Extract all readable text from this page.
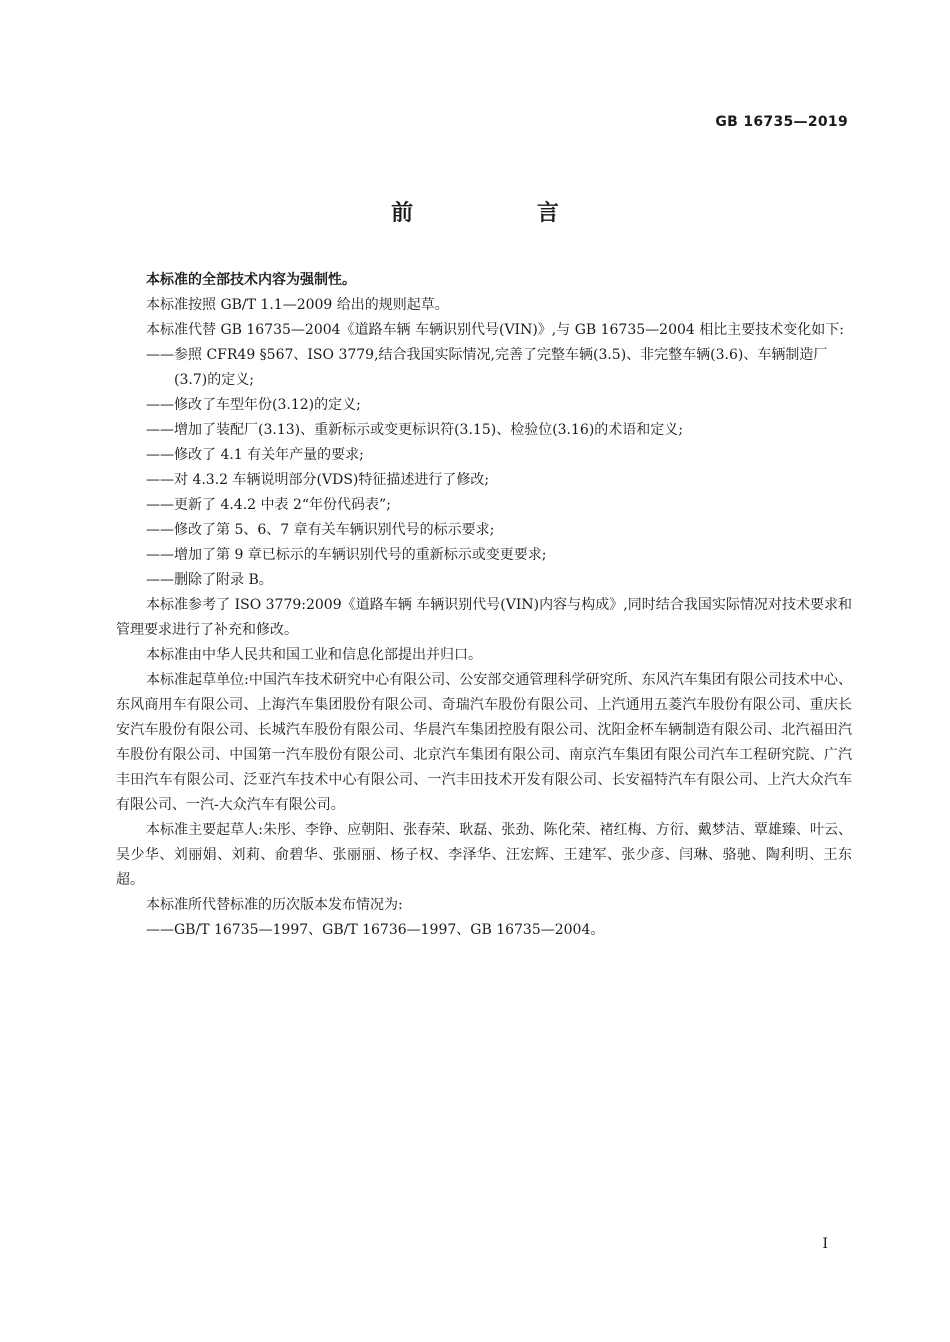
GB 16735—2019
前 言

本标准的全部技术内容为强制性。

本标准按照 GB/T 1.1—2009 给出的规则起草。

本标准代替 GB 16735—2004《道路车辆 车辆识别代号(VIN)》,与 GB 16735—2004 相比主要技术变化如下:

——参照 CFR49 §567、ISO 3779,结合我国实际情况,完善了完整车辆(3.5)、非完整车辆(3.6)、车辆制造厂(3.7)的定义;

——修改了车型年份(3.12)的定义;

——增加了装配厂(3.13)、重新标示或变更标识符(3.15)、检验位(3.16)的术语和定义;

——修改了 4.1 有关年产量的要求;

——对 4.3.2 车辆说明部分(VDS)特征描述进行了修改;

——更新了 4.4.2 中表 2“年份代码表”;

——修改了第 5、6、7 章有关车辆识别代号的标示要求;

——增加了第 9 章已标示的车辆识别代号的重新标示或变更要求;

——删除了附录 B。

本标准参考了 ISO 3779:2009《道路车辆 车辆识别代号(VIN)内容与构成》,同时结合我国实际情况对技术要求和管理要求进行了补充和修改。

本标准由中华人民共和国工业和信息化部提出并归口。

本标准起草单位:中国汽车技术研究中心有限公司、公安部交通管理科学研究所、东风汽车集团有限公司技术中心、东风商用车有限公司、上海汽车集团股份有限公司、奇瑞汽车股份有限公司、上汽通用五菱汽车股份有限公司、重庆长安汽车股份有限公司、长城汽车股份有限公司、华晨汽车集团控股有限公司、沈阳金杯车辆制造有限公司、北汽福田汽车股份有限公司、中国第一汽车股份有限公司、北京汽车集团有限公司、南京汽车集团有限公司汽车工程研究院、广汽丰田汽车有限公司、泛亚汽车技术中心有限公司、一汽丰田技术开发有限公司、长安福特汽车有限公司、上汽大众汽车有限公司、一汽-大众汽车有限公司。

本标准主要起草人:朱彤、李铮、应朝阳、张春荣、耿磊、张劲、陈化荣、褚红梅、方衍、戴梦洁、覃雄臻、叶云、吴少华、刘丽娟、刘莉、俞碧华、张丽丽、杨子权、李泽华、汪宏辉、王建军、张少彦、闫琳、骆驰、陶利明、王东超。

本标准所代替标准的历次版本发布情况为:

——GB/T 16735—1997、GB/T 16736—1997、GB 16735—2004。

I
